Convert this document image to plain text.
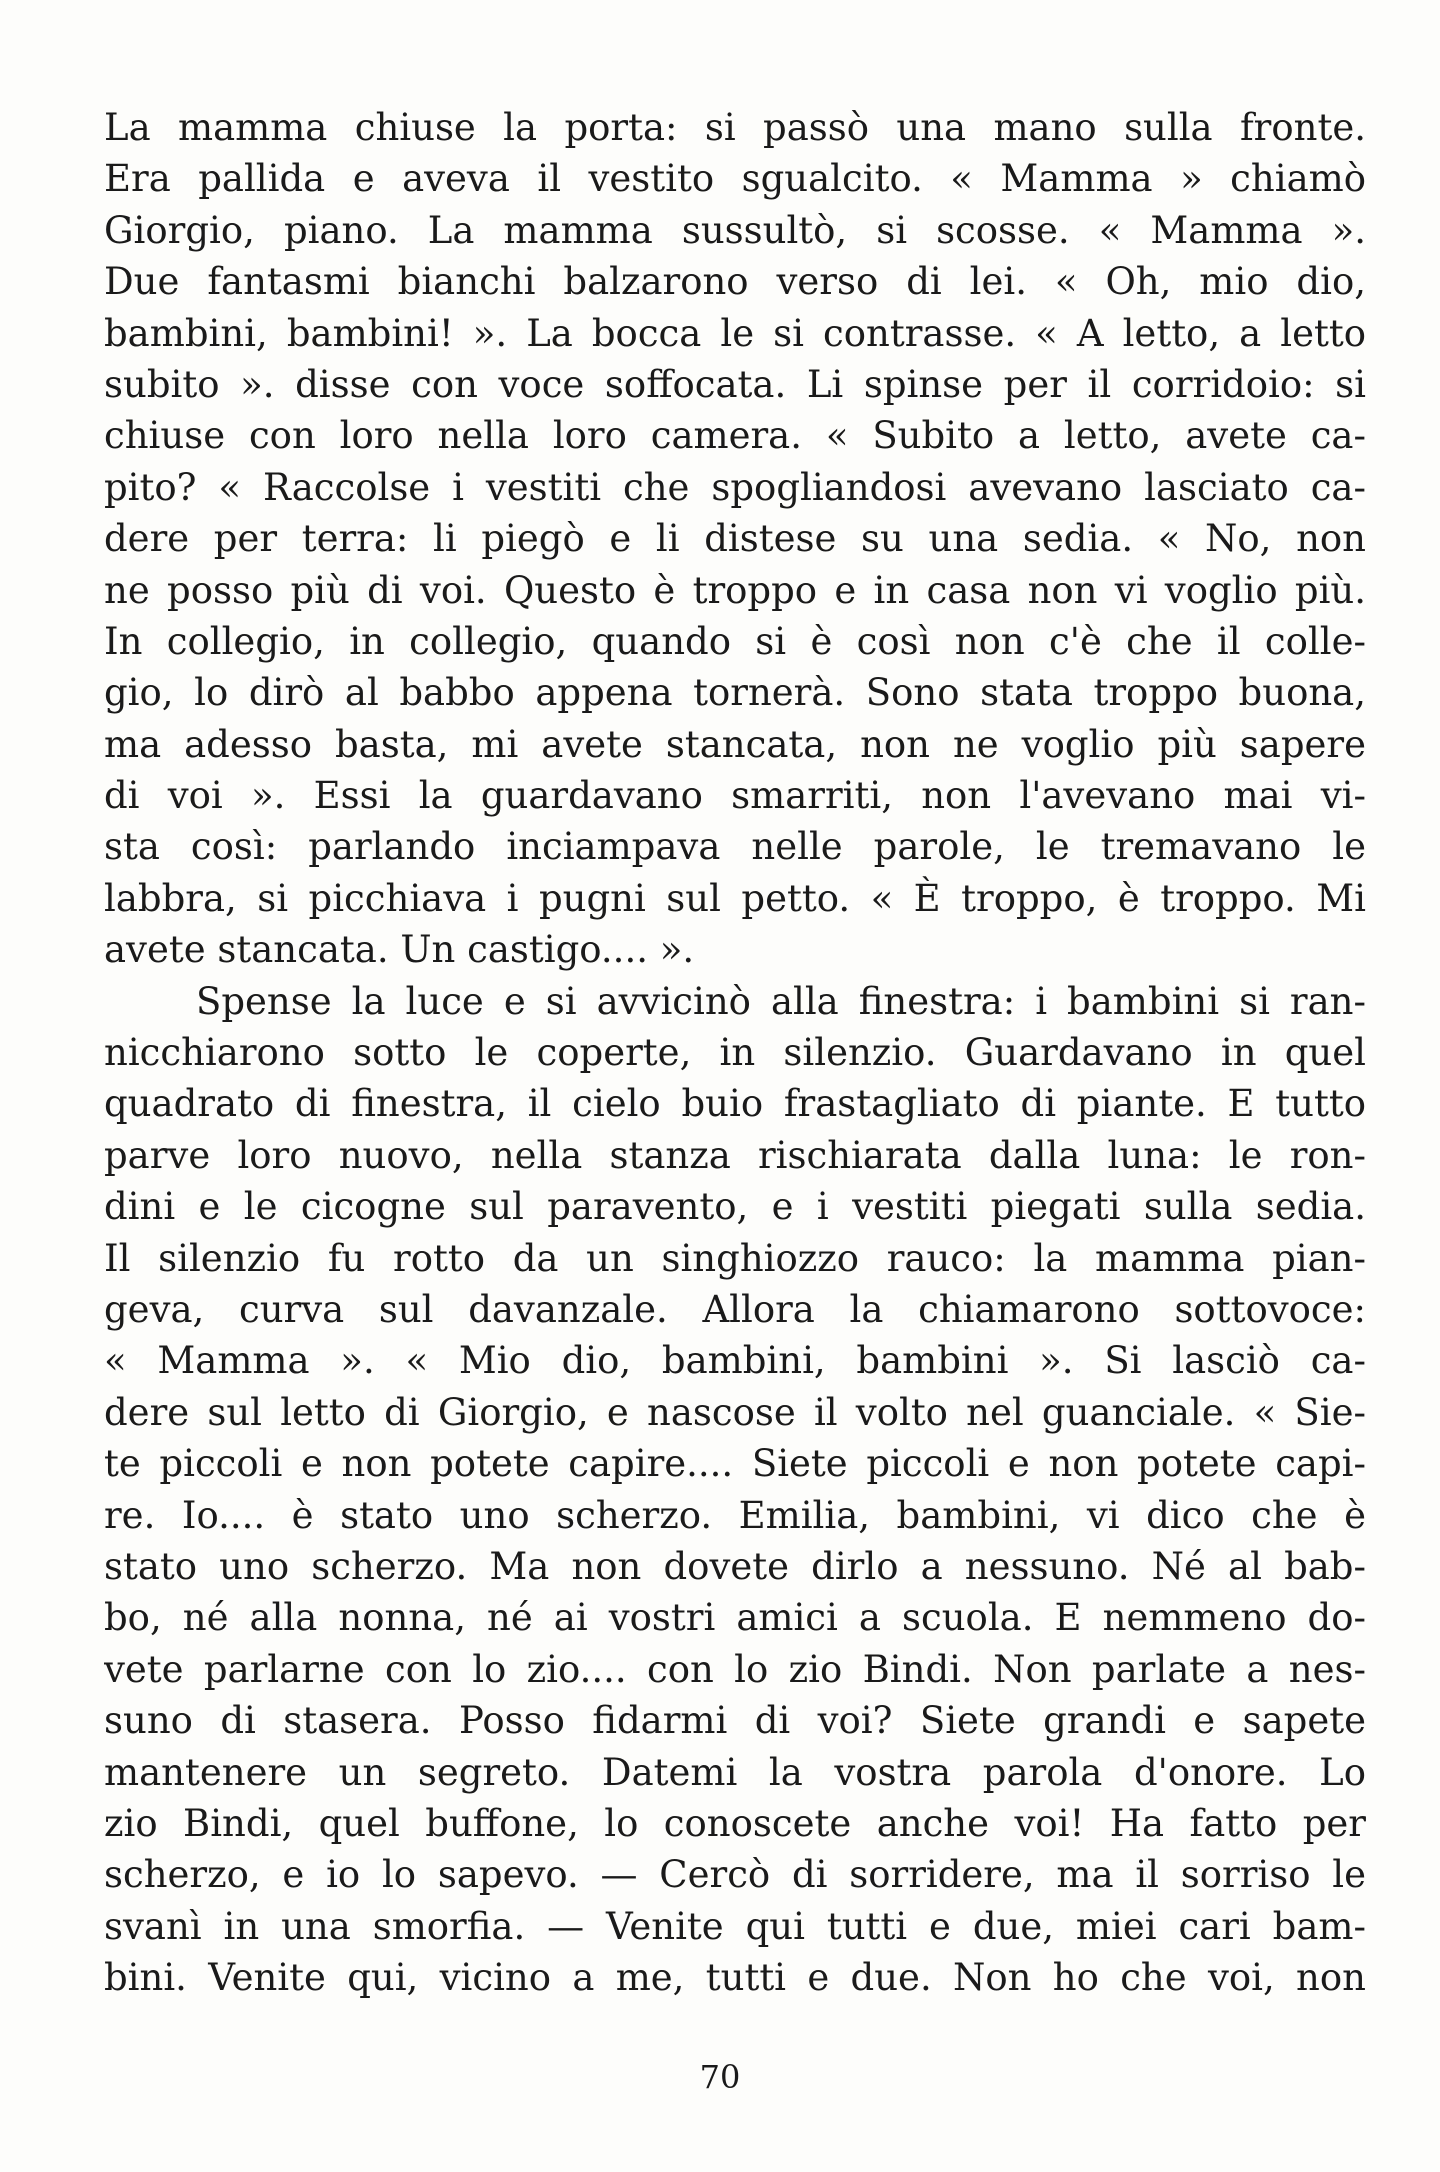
La mamma chiuse la porta: si passò una mano sulla fronte.
Era pallida e aveva il vestito sgualcito. « Mamma » chiamò
Giorgio, piano. La mamma sussultò, si scosse. « Mamma ».
Due fantasmi bianchi balzarono verso di lei. « Oh, mio dio,
bambini, bambini! ». La bocca le si contrasse. « A letto, a letto
subito ». disse con voce soffocata. Li spinse per il corridoio: si
chiuse con loro nella loro camera. « Subito a letto, avete ca-
pito? « Raccolse i vestiti che spogliandosi avevano lasciato ca-
dere per terra: li piegò e li distese su una sedia. « No, non
ne posso più di voi. Questo è troppo e in casa non vi voglio più.
In collegio, in collegio, quando si è così non c'è che il colle-
gio, lo dirò al babbo appena tornerà. Sono stata troppo buona,
ma adesso basta, mi avete stancata, non ne voglio più sapere
di voi ». Essi la guardavano smarriti, non l'avevano mai vi-
sta così: parlando inciampava nelle parole, le tremavano le
labbra, si picchiava i pugni sul petto. « È troppo, è troppo. Mi
avete stancata. Un castigo.... ».
Spense la luce e si avvicinò alla finestra: i bambini si ran-
nicchiarono sotto le coperte, in silenzio. Guardavano in quel
quadrato di finestra, il cielo buio frastagliato di piante. E tutto
parve loro nuovo, nella stanza rischiarata dalla luna: le ron-
dini e le cicogne sul paravento, e i vestiti piegati sulla sedia.
Il silenzio fu rotto da un singhiozzo rauco: la mamma pian-
geva, curva sul davanzale. Allora la chiamarono sottovoce:
« Mamma ». « Mio dio, bambini, bambini ». Si lasciò ca-
dere sul letto di Giorgio, e nascose il volto nel guanciale. « Sie-
te piccoli e non potete capire.... Siete piccoli e non potete capi-
re. Io.... è stato uno scherzo. Emilia, bambini, vi dico che è
stato uno scherzo. Ma non dovete dirlo a nessuno. Né al bab-
bo, né alla nonna, né ai vostri amici a scuola. E nemmeno do-
vete parlarne con lo zio.... con lo zio Bindi. Non parlate a nes-
suno di stasera. Posso fidarmi di voi? Siete grandi e sapete
mantenere un segreto. Datemi la vostra parola d'onore. Lo
zio Bindi, quel buffone, lo conoscete anche voi! Ha fatto per
scherzo, e io lo sapevo. — Cercò di sorridere, ma il sorriso le
svanì in una smorfia. — Venite qui tutti e due, miei cari bam-
bini. Venite qui, vicino a me, tutti e due. Non ho che voi, non
70
